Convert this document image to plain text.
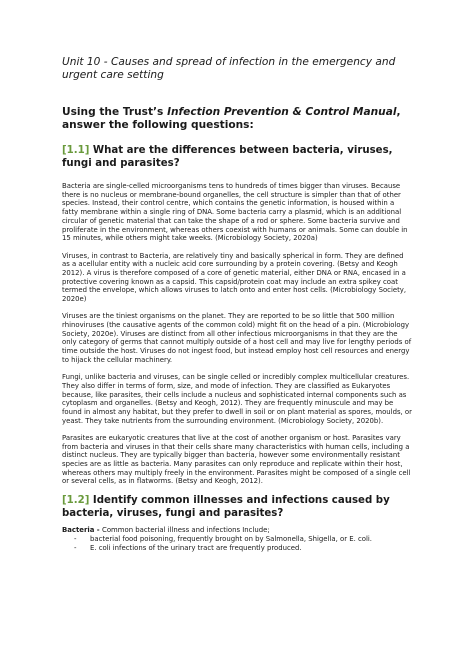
Unit 10 - Causes and spread of infection in the emergency and urgent care setting

Using the Trust’s Infection Prevention & Control Manual, answer the following questions:

[1.1] What are the differences between bacteria, viruses, fungi and parasites?

Bacteria are single-celled microorganisms tens to hundreds of times bigger than viruses. Because there is no nucleus or membrane-bound organelles, the cell structure is simpler than that of other species. Instead, their control centre, which contains the genetic information, is housed within a fatty membrane within a single ring of DNA. Some bacteria carry a plasmid, which is an additional circular of genetic material that can take the shape of a rod or sphere. Some bacteria survive and proliferate in the environment, whereas others coexist with humans or animals. Some can double in 15 minutes, while others might take weeks. (Microbiology Society, 2020a)

Viruses, in contrast to Bacteria, are relatively tiny and basically spherical in form. They are defined as a acellular entity with a nucleic acid core surrounding by a protein covering. (Betsy and Keogh 2012). A virus is therefore composed of a core of genetic material, either DNA or RNA, encased in a protective covering known as a capsid. This capsid/protein coat may include an extra spikey coat termed the envelope, which allows viruses to latch onto and enter host cells. (Microbiology Society, 2020e)

Viruses are the tiniest organisms on the planet. They are reported to be so little that 500 million rhinoviruses (the causative agents of the common cold) might fit on the head of a pin. (Microbiology Society, 2020e). Viruses are distinct from all other infectious microorganisms in that they are the only category of germs that cannot multiply outside of a host cell and may live for lengthy periods of time outside the host. Viruses do not ingest food, but instead employ host cell resources and energy to hijack the cellular machinery.

Fungi, unlike bacteria and viruses, can be single celled or incredibly complex multicellular creatures. They also differ in terms of form, size, and mode of infection. They are classified as Eukaryotes because, like parasites, their cells include a nucleus and sophisticated internal components such as cytoplasm and organelles. (Betsy and Keogh, 2012). They are frequently minuscule and may be found in almost any habitat, but they prefer to dwell in soil or on plant material as spores, moulds, or yeast. They take nutrients from the surrounding environment. (Microbiology Society, 2020b).

Parasites are eukaryotic creatures that live at the cost of another organism or host. Parasites vary from bacteria and viruses in that their cells share many characteristics with human cells, including a distinct nucleus. They are typically bigger than bacteria, however some environmentally resistant species are as little as bacteria. Many parasites can only reproduce and replicate within their host, whereas others may multiply freely in the environment. Parasites might be composed of a single cell or several cells, as in flatworms. (Betsy and Keogh, 2012).

[1.2] Identify common illnesses and infections caused by bacteria, viruses, fungi and parasites?

Bacteria - Common bacterial illness and infections Include;

- bacterial food poisoning, frequently brought on by Salmonella, Shigella, or E. coli.
- E. coli infections of the urinary tract are frequently produced.
